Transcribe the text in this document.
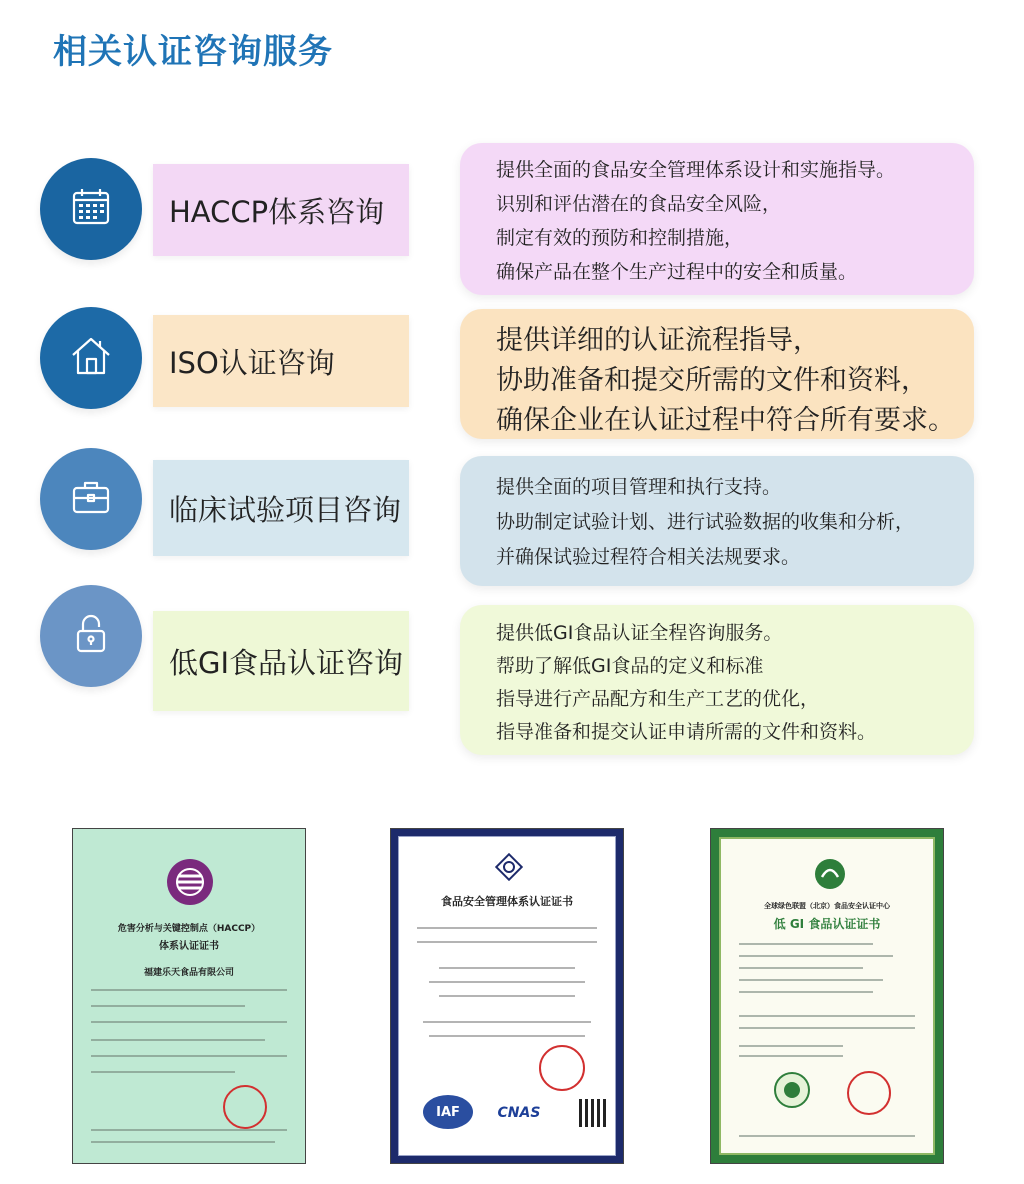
相关认证咨询服务
HACCP体系咨询
提供全面的食品安全管理体系设计和实施指导。
识别和评估潜在的食品安全风险，
制定有效的预防和控制措施，
确保产品在整个生产过程中的安全和质量。
ISO认证咨询
提供详细的认证流程指导，
协助准备和提交所需的文件和资料，
确保企业在认证过程中符合所有要求。
临床试验项目咨询
提供全面的项目管理和执行支持。
协助制定试验计划、进行试验数据的收集和分析，
并确保试验过程符合相关法规要求。
低GI食品认证咨询
提供低GI食品认证全程咨询服务。
帮助了解低GI食品的定义和标准
指导进行产品配方和生产工艺的优化，
指导准备和提交认证申请所需的文件和资料。
危害分析与关键控制点（HACCP）
体系认证证书
福建乐天食品有限公司
食品安全管理体系认证证书
IAF	CNAS
全球绿色联盟（北京）食品安全认证中心
低 GI 食品认证证书
